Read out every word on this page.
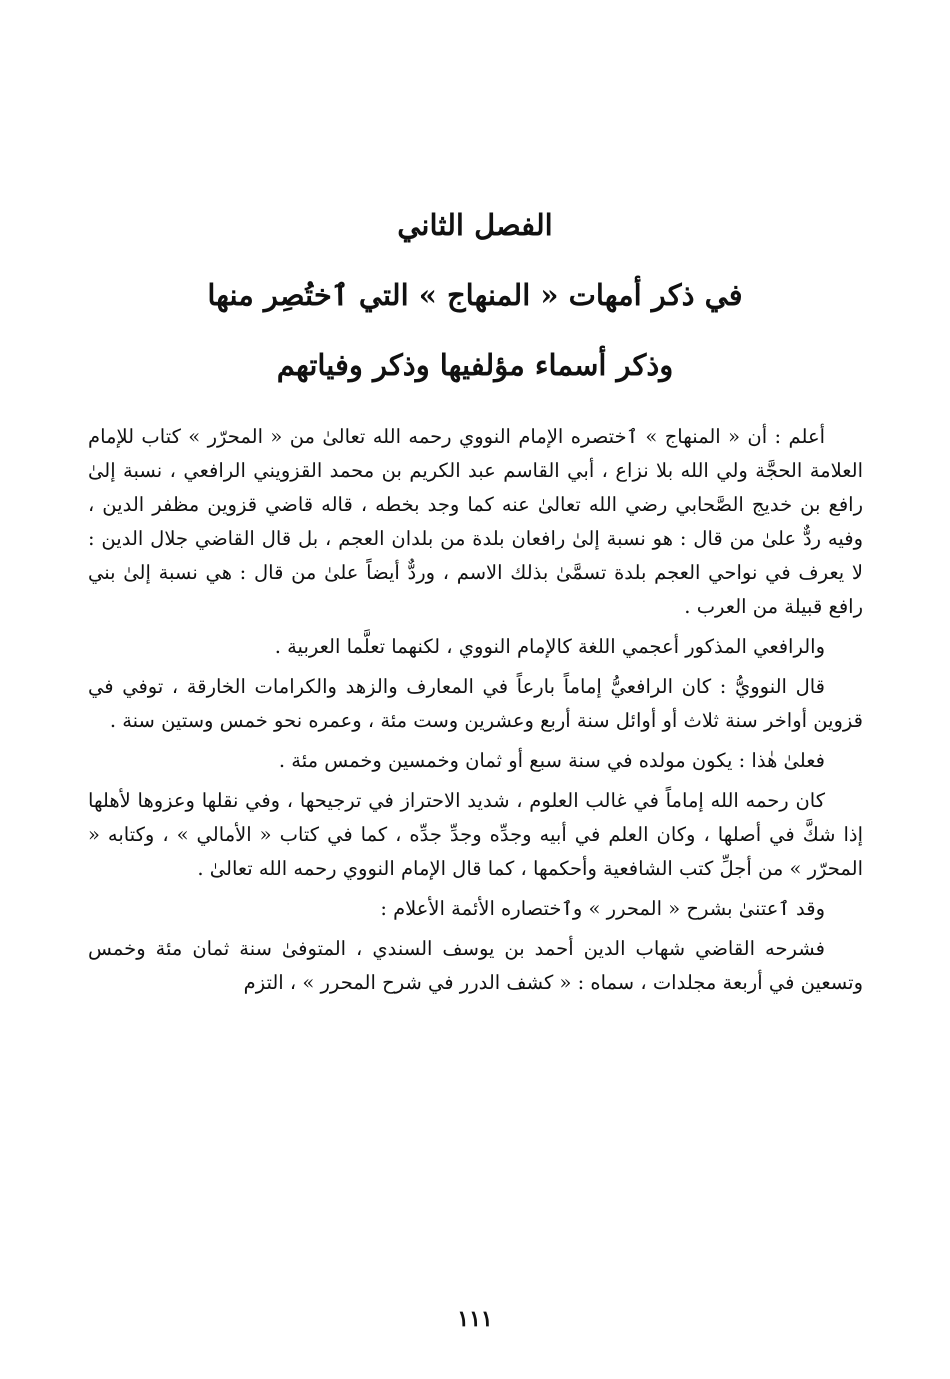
الفصل الثاني

في ذكر أمهات « المنهاج » التي ٱختُصِر منها

وذكر أسماء مؤلفيها وذكر وفياتهم

أعلم : أن « المنهاج » ٱختصره الإمام النووي رحمه الله تعالىٰ من « المحرّر » كتاب للإمام العلامة الحجَّة ولي الله بلا نزاع ، أبي القاسم عبد الكريم بن محمد القزويني الرافعي ، نسبة إلىٰ رافع بن خديج الصَّحابي رضي الله تعالىٰ عنه كما وجد بخطه ، قاله قاضي قزوين مظفر الدين ، وفيه ردٌّ علىٰ من قال : هو نسبة إلىٰ رافعان بلدة من بلدان العجم ، بل قال القاضي جلال الدين : لا يعرف في نواحي العجم بلدة تسمَّىٰ بذلك الاسم ، وردٌّ أيضاً علىٰ من قال : هي نسبة إلىٰ بني رافع قبيلة من العرب .

والرافعي المذكور أعجمي اللغة كالإمام النووي ، لكنهما تعلَّما العربية .

قال النوويُّ : كان الرافعيُّ إماماً بارعاً في المعارف والزهد والكرامات الخارقة ، توفي في قزوين أواخر سنة ثلاث أو أوائل سنة أربع وعشرين وست مئة ، وعمره نحو خمس وستين سنة .

فعلىٰ هٰذا : يكون مولده في سنة سبع أو ثمان وخمسين وخمس مئة .

كان رحمه الله إماماً في غالب العلوم ، شديد الاحتراز في ترجيحها ، وفي نقلها وعزوها لأهلها إذا شكَّ في أصلها ، وكان العلم في أبيه وجدِّه وجدِّ جدِّه ، كما في كتاب « الأمالي » ، وكتابه « المحرّر » من أجلِّ كتب الشافعية وأحكمها ، كما قال الإمام النووي رحمه الله تعالىٰ .

وقد ٱعتنىٰ بشرح « المحرر » وٱختصاره الأئمة الأعلام :

فشرحه القاضي شهاب الدين أحمد بن يوسف السندي ، المتوفىٰ سنة ثمان مئة وخمس وتسعين في أربعة مجلدات ، سماه : « كشف الدرر في شرح المحرر » ، التزم

١١١
